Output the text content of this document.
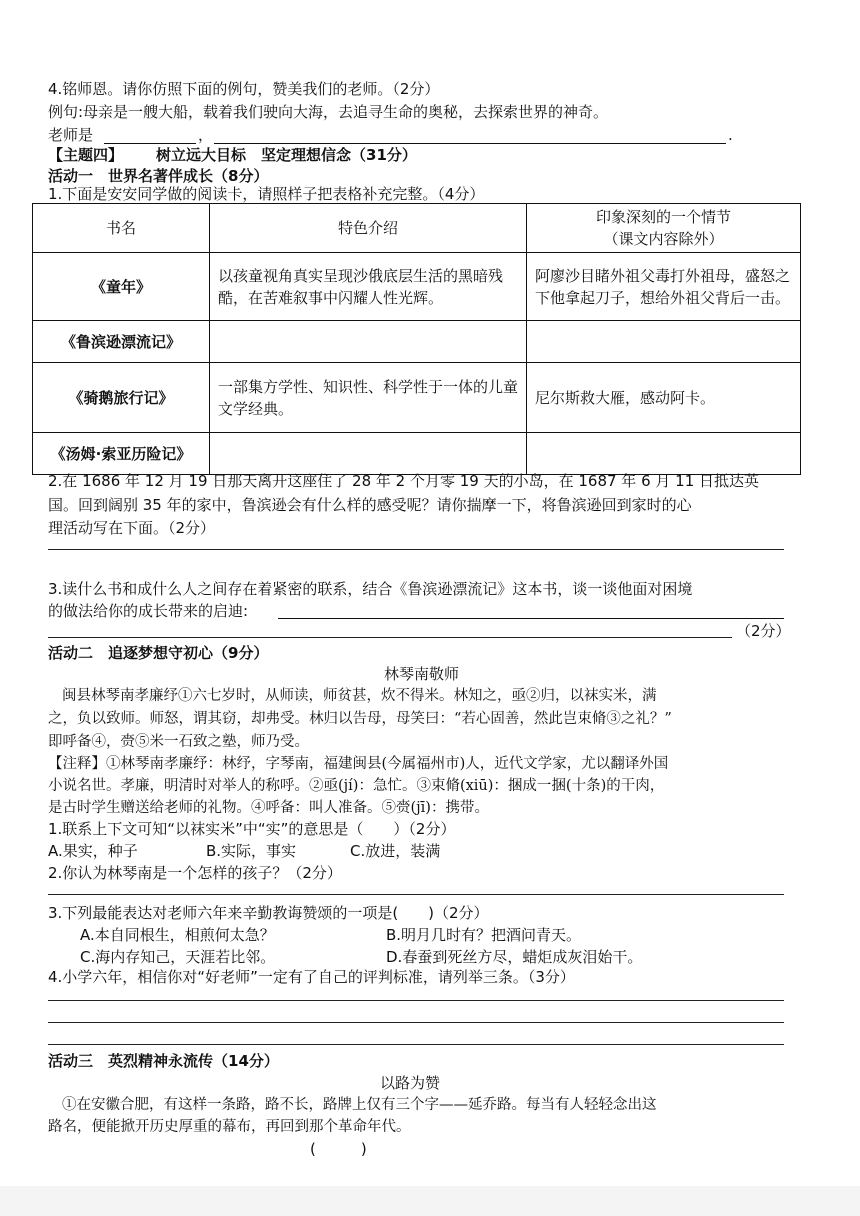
4.铭师恩。请你仿照下面的例句，赞美我们的老师。（2分）
例句:母亲是一艘大船，载着我们驶向大海，去追寻生命的奥秘，去探索世界的神奇。
老师是	，	.
【主题四】 树立远大目标　坚定理想信念（31分）
活动一　世界名著伴成长（8分）
1.下面是安安同学做的阅读卡，请照样子把表格补充完整。（4分）
书名	特色介绍	印象深刻的一个情节
（课文内容除外）

《童年》	以孩童视角真实呈现沙俄底层生活的黑暗残酷，在苦难叙事中闪耀人性光辉。	阿廖沙目睹外祖父毒打外祖母，盛怒之下他拿起刀子，想给外祖父背后一击。
《鲁滨逊漂流记》		
《骑鹅旅行记》	一部集方学性、知识性、科学性于一体的儿童文学经典。	尼尔斯救大雁，感动阿卡。
《汤姆·索亚历险记》		
2.在 1686 年 12 月 19 日那天离开这座住了 28 年 2 个月零 19 天的小岛，在 1687 年 6 月 11 日抵达英
国。回到阔别 35 年的家中，鲁滨逊会有什么样的感受呢？请你揣摩一下，将鲁滨逊回到家时的心
理活动写在下面。（2分）
3.读什么书和成什么人之间存在着紧密的联系，结合《鲁滨逊漂流记》这本书，谈一谈他面对困境
的做法给你的成长带来的启迪:
（2分）
活动二　追逐梦想守初心（9分）
林琴南敬师
闽县林琴南孝廉纾①六七岁时，从师读，师贫甚，炊不得米。林知之，亟②归，以袜实米，满
之，负以致师。师怒，谓其窃，却弗受。林归以告母，母笑曰：“若心固善，然此岂束脩③之礼？”
即呼备④，赍⑤米一石致之塾，师乃受。
【注释】①林琴南孝廉纾：林纾，字琴南，福建闽县(今属福州市)人，近代文学家，尤以翻译外国
小说名世。孝廉，明清时对举人的称呼。②亟(jí)：急忙。③束脩(xiū)：捆成一捆(十条)的干肉，
是古时学生赠送给老师的礼物。④呼备：叫人准备。⑤赍(jī)：携带。
1.联系上下文可知“以袜实米”中“实”的意思是（　　）（2分）
A.果实，种子	B.实际，事实	C.放进，装满
2.你认为林琴南是一个怎样的孩子？（2分）
3.下列最能表达对老师六年来辛勤教诲赞颂的一项是(　　)（2分）
A.本自同根生，相煎何太急？	B.明月几时有？把酒问青天。
C.海内存知己，天涯若比邻。	D.春蚕到死丝方尽，蜡炬成灰泪始干。
4.小学六年，相信你对“好老师”一定有了自己的评判标准，请列举三条。（3分）
活动三　英烈精神永流传（14分）
以路为赞
①在安徽合肥，有这样一条路，路不长，路牌上仅有三个字——延乔路。每当有人轻轻念出这
路名，便能掀开历史厚重的幕布，再回到那个革命年代。
(　　　)
